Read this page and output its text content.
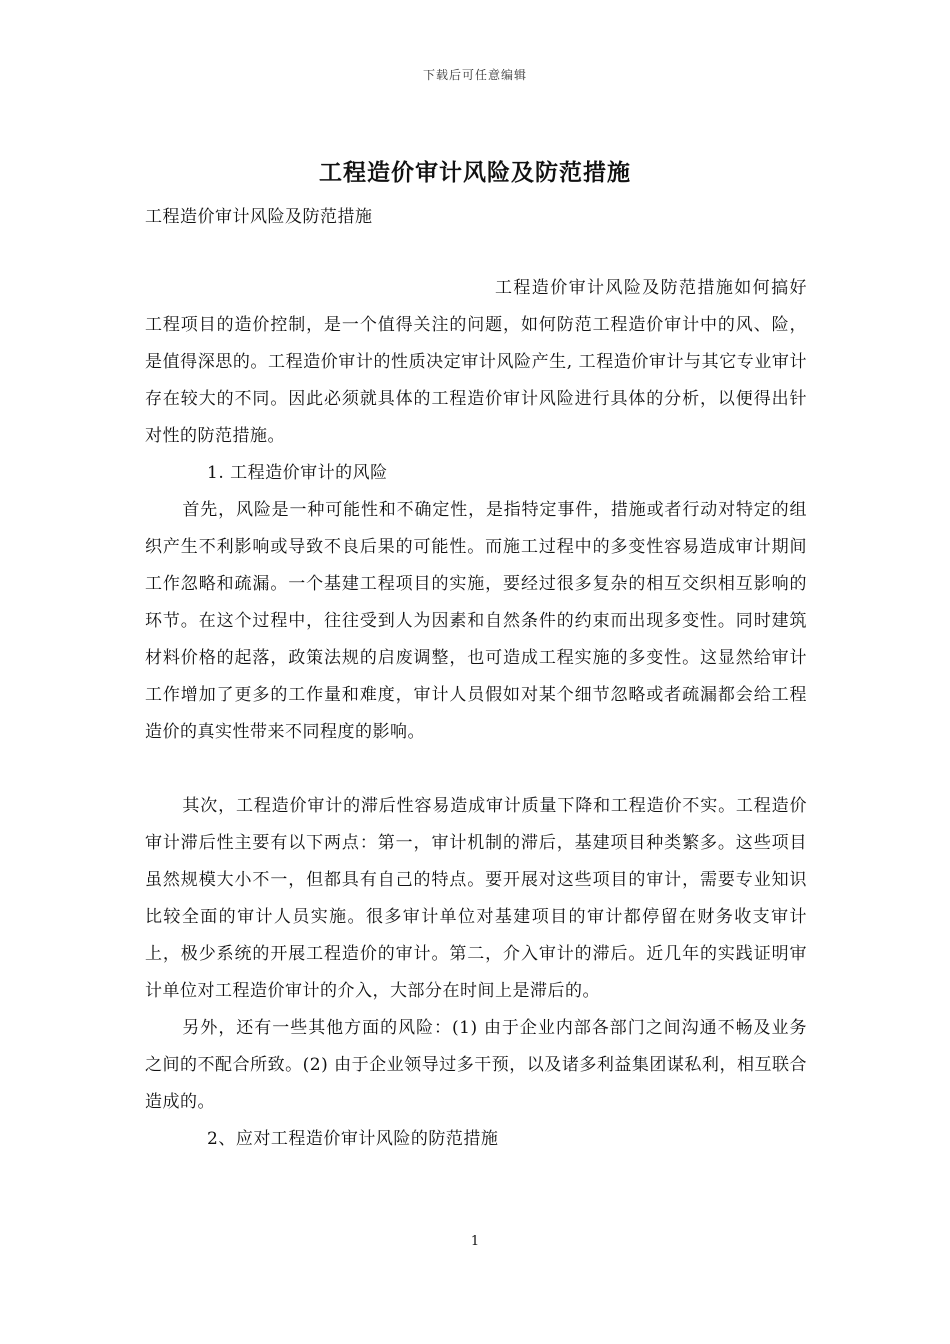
下载后可任意编辑
工程造价审计风险及防范措施
工程造价审计风险及防范措施

工程造价审计风险及防范措施如何搞好工程项目的造价控制，是一个值得关注的问题，如何防范工程造价审计中的风、险，是值得深思的。工程造价审计的性质决定审计风险产生, 工程造价审计与其它专业审计存在较大的不同。因此必须就具体的工程造价审计风险进行具体的分析，以便得出针对性的防范措施。

1. 工程造价审计的风险

首先，风险是一种可能性和不确定性，是指特定事件，措施或者行动对特定的组织产生不利影响或导致不良后果的可能性。而施工过程中的多变性容易造成审计期间工作忽略和疏漏。一个基建工程项目的实施，要经过很多复杂的相互交织相互影响的环节。在这个过程中，往往受到人为因素和自然条件的约束而出现多变性。同时建筑材料价格的起落，政策法规的启废调整，也可造成工程实施的多变性。这显然给审计工作增加了更多的工作量和难度，审计人员假如对某个细节忽略或者疏漏都会给工程造价的真实性带来不同程度的影响。

其次，工程造价审计的滞后性容易造成审计质量下降和工程造价不实。工程造价审计滞后性主要有以下两点：第一，审计机制的滞后，基建项目种类繁多。这些项目虽然规模大小不一，但都具有自己的特点。要开展对这些项目的审计，需要专业知识比较全面的审计人员实施。很多审计单位对基建项目的审计都停留在财务收支审计上，极少系统的开展工程造价的审计。第二，介入审计的滞后。近几年的实践证明审计单位对工程造价审计的介入，大部分在时间上是滞后的。

另外，还有一些其他方面的风险：(1) 由于企业内部各部门之间沟通不畅及业务之间的不配合所致。(2) 由于企业领导过多干预，以及诸多利益集团谋私利，相互联合造成的。

2、应对工程造价审计风险的防范措施

1
